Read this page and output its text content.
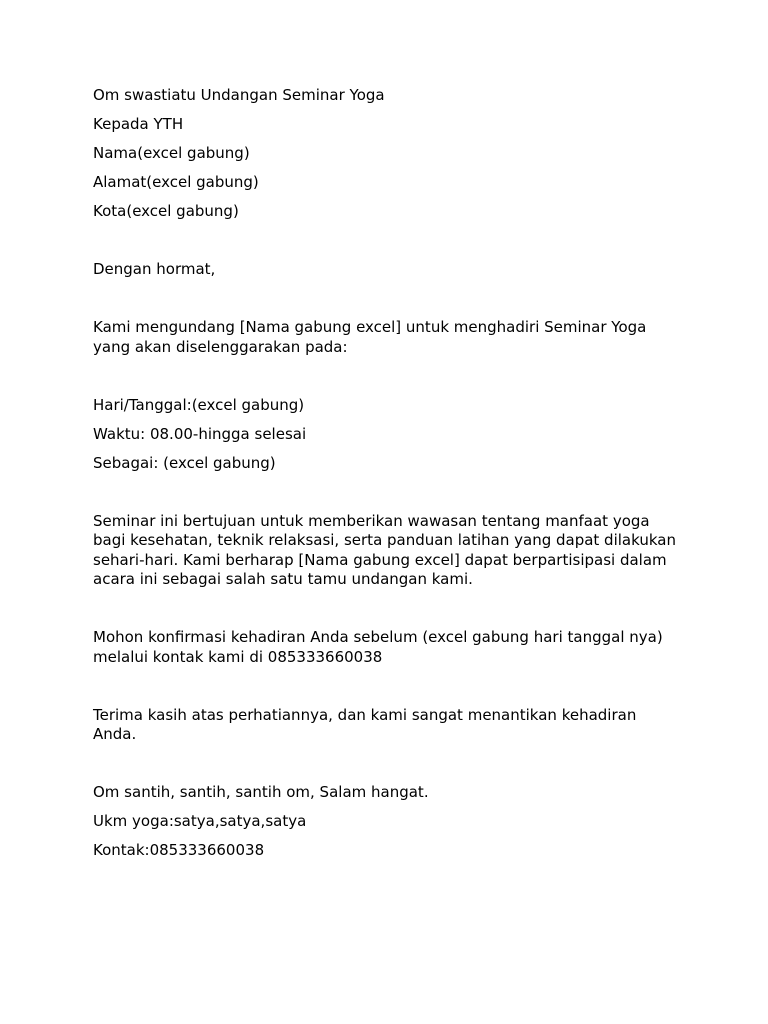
Om swastiatu Undangan Seminar Yoga
Kepada YTH
Nama(excel gabung)
Alamat(excel gabung)
Kota(excel gabung)
Dengan hormat,
Kami mengundang [Nama gabung excel] untuk menghadiri Seminar Yoga yang akan diselenggarakan pada:
Hari/Tanggal:(excel gabung)
Waktu: 08.00-hingga selesai
Sebagai: (excel gabung)
Seminar ini bertujuan untuk memberikan wawasan tentang manfaat yoga bagi kesehatan, teknik relaksasi, serta panduan latihan yang dapat dilakukan sehari-hari. Kami berharap [Nama gabung excel] dapat berpartisipasi dalam acara ini sebagai salah satu tamu undangan kami.
Mohon konfirmasi kehadiran Anda sebelum (excel gabung hari tanggal nya) melalui kontak kami di 085333660038
Terima kasih atas perhatiannya, dan kami sangat menantikan kehadiran Anda.
Om santih, santih, santih om, Salam hangat.
Ukm yoga:satya,satya,satya
Kontak:085333660038
